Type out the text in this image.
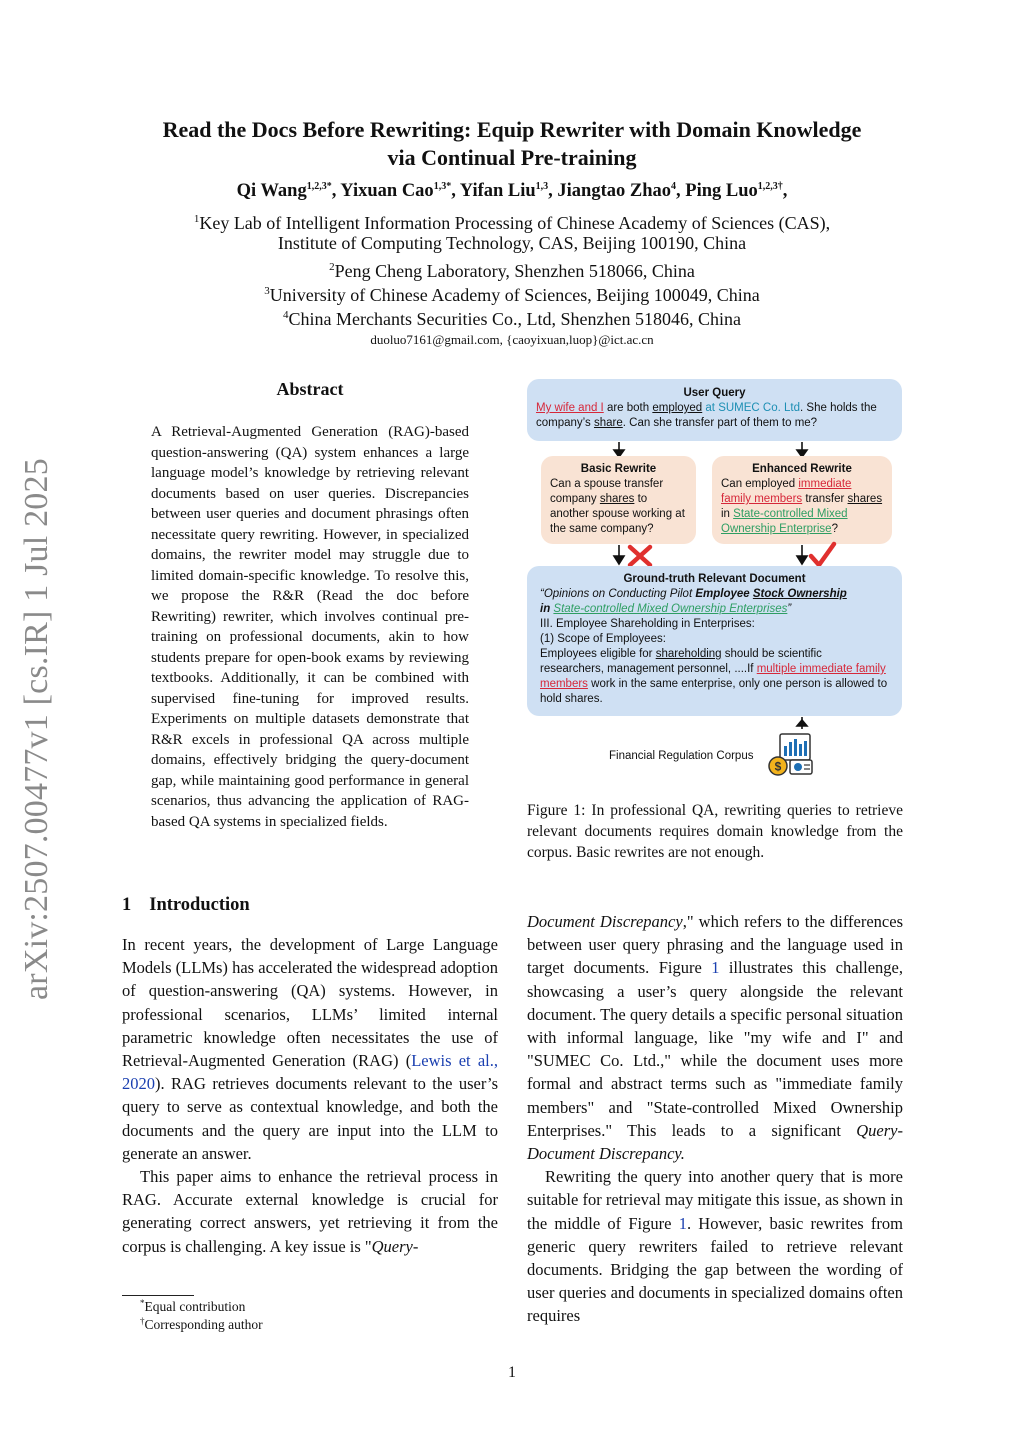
arXiv:2507.00477v1 [cs.IR] 1 Jul 2025
Read the Docs Before Rewriting: Equip Rewriter with Domain Knowledge
via Continual Pre-training
Qi Wang$^{1,2,3*}$, Yixuan Cao$^{1,3*}$, Yifan Liu$^{1,3}$, Jiangtao Zhao$^4$, Ping Luo$^{1,2,3\dagger}$,
$^1$Key Lab of Intelligent Information Processing of Chinese Academy of Sciences (CAS),
Institute of Computing Technology, CAS, Beijing 100190, China
$^2$Peng Cheng Laboratory, Shenzhen 518066, China
$^3$University of Chinese Academy of Sciences, Beijing 100049, China
$^4$China Merchants Securities Co., Ltd, Shenzhen 518046, China
duoluo7161@gmail.com, {caoyixuan,luop}@ict.ac.cn
Abstract
A Retrieval-Augmented Generation (RAG)-based question-answering (QA) system enhances a large language model’s knowledge by retrieving relevant documents based on user queries. Discrepancies between user queries and document phrasings often necessitate query rewriting. However, in specialized domains, the rewriter model may struggle due to limited domain-specific knowledge. To resolve this, we propose the R&R (Read the doc before Rewriting) rewriter, which involves continual pre-training on professional documents, akin to how students prepare for open-book exams by reviewing textbooks. Additionally, it can be combined with supervised fine-tuning for improved results. Experiments on multiple datasets demonstrate that R&R excels in professional QA across multiple domains, effectively bridging the query-document gap, while maintaining good performance in general scenarios, thus advancing the application of RAG-based QA systems in specialized fields.
1 Introduction

In recent years, the development of Large Language Models (LLMs) has accelerated the widespread adoption of question-answering (QA) systems. However, in professional scenarios, LLMs’ limited internal parametric knowledge often necessitates the use of Retrieval-Augmented Generation (RAG) (Lewis et al., 2020). RAG retrieves documents relevant to the user’s query to serve as contextual knowledge, and both the documents and the query are input into the LLM to generate an answer.

This paper aims to enhance the retrieval process in RAG. Accurate external knowledge is crucial for generating correct answers, yet retrieving it from the corpus is challenging. A key issue is "Query-

Document Discrepancy," which refers to the differences between user query phrasing and the language used in target documents. Figure 1 illustrates this challenge, showcasing a user’s query alongside the relevant document. The query details a specific personal situation with informal language, like "my wife and I" and "SUMEC Co. Ltd.," while the document uses more formal and abstract terms such as "immediate family members" and "State-controlled Mixed Ownership Enterprises." This leads to a significant Query-Document Discrepancy.

Rewriting the query into another query that is more suitable for retrieval may mitigate this issue, as shown in the middle of Figure 1. However, basic rewrites from generic query rewriters failed to retrieve relevant documents. Bridging the gap between the wording of user queries and documents in specialized domains often requires

*Equal contribution
†Corresponding author
1
User Query
My wife and I are both employed at SUMEC Co. Ltd. She holds the company’s share. Can she transfer part of them to me?
Basic Rewrite
Can a spouse transfer company shares to another spouse working at the same company?
Enhanced Rewrite
Can employed immediate family members transfer shares in State-controlled Mixed Ownership Enterprise?
Ground-truth Relevant Document
“Opinions on Conducting Pilot Employee Stock Ownership
in State-controlled Mixed Ownership Enterprises”
III. Employee Shareholding in Enterprises:
(1) Scope of Employees:
Employees eligible for shareholding should be scientific researchers, management personnel, ....If multiple immediate family members work in the same enterprise, only one person is allowed to hold shares.
Financial Regulation Corpus
$
Figure 1: In professional QA, rewriting queries to retrieve relevant documents requires domain knowledge from the corpus. Basic rewrites are not enough.
